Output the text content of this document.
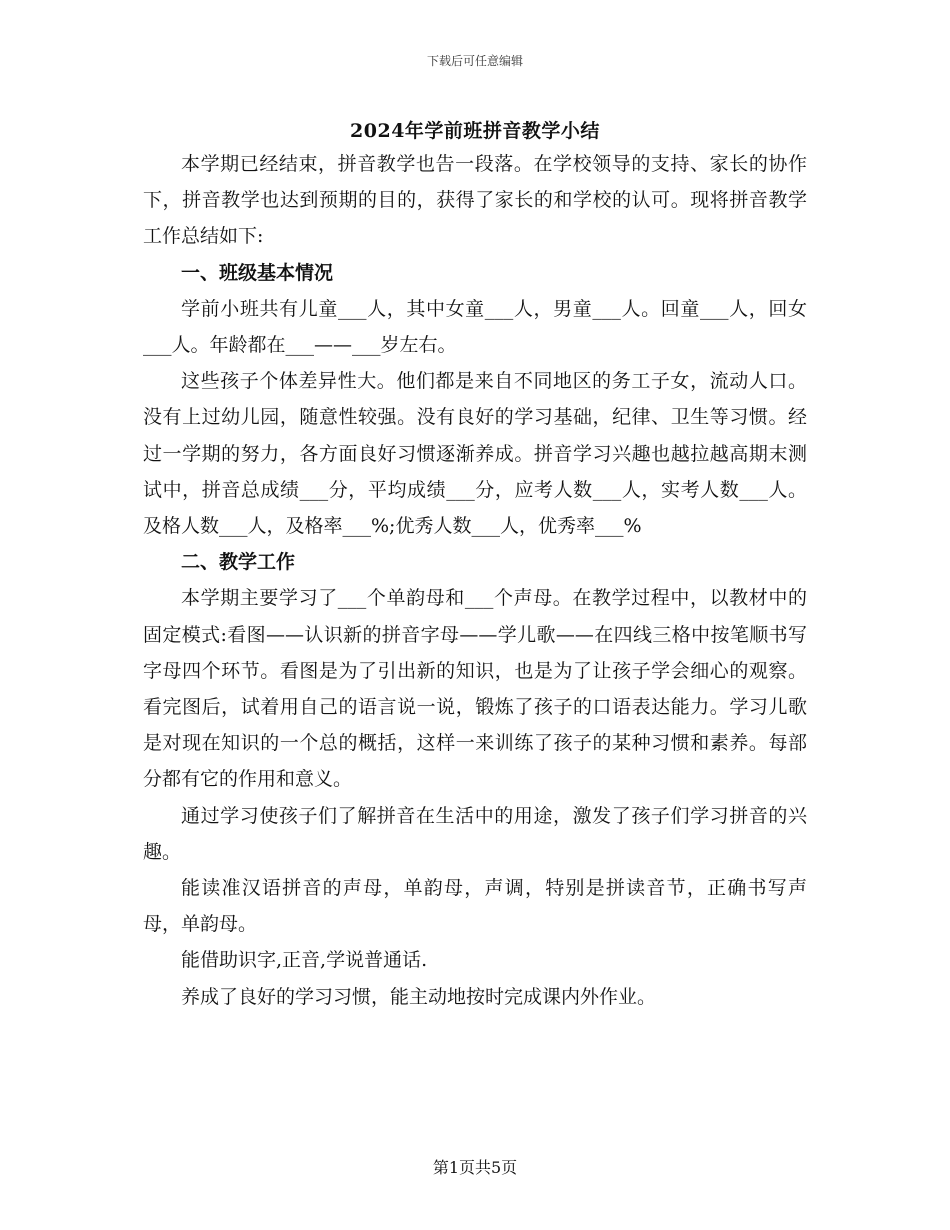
下载后可任意编辑
2024年学前班拼音教学小结

本学期已经结束，拼音教学也告一段落。在学校领导的支持、家长的协作下，拼音教学也达到预期的目的，获得了家长的和学校的认可。现将拼音教学工作总结如下:

一、班级基本情况

学前小班共有儿童___人，其中女童___人，男童___人。回童___人，回女___人。年龄都在___——___岁左右。

这些孩子个体差异性大。他们都是来自不同地区的务工子女，流动人口。没有上过幼儿园，随意性较强。没有良好的学习基础，纪律、卫生等习惯。经过一学期的努力，各方面良好习惯逐渐养成。拼音学习兴趣也越拉越高期末测试中，拼音总成绩___分，平均成绩___分，应考人数___人，实考人数___人。及格人数___人，及格率___%;优秀人数___人，优秀率___%

二、教学工作

本学期主要学习了___个单韵母和___个声母。在教学过程中，以教材中的固定模式:看图——认识新的拼音字母——学儿歌——在四线三格中按笔顺书写字母四个环节。看图是为了引出新的知识，也是为了让孩子学会细心的观察。看完图后，试着用自己的语言说一说，锻炼了孩子的口语表达能力。学习儿歌是对现在知识的一个总的概括，这样一来训练了孩子的某种习惯和素养。每部分都有它的作用和意义。

通过学习使孩子们了解拼音在生活中的用途，激发了孩子们学习拼音的兴趣。

能读准汉语拼音的声母，单韵母，声调，特别是拼读音节，正确书写声母，单韵母。

能借助识字,正音,学说普通话.

养成了良好的学习习惯，能主动地按时完成课内外作业。

第1页共5页
